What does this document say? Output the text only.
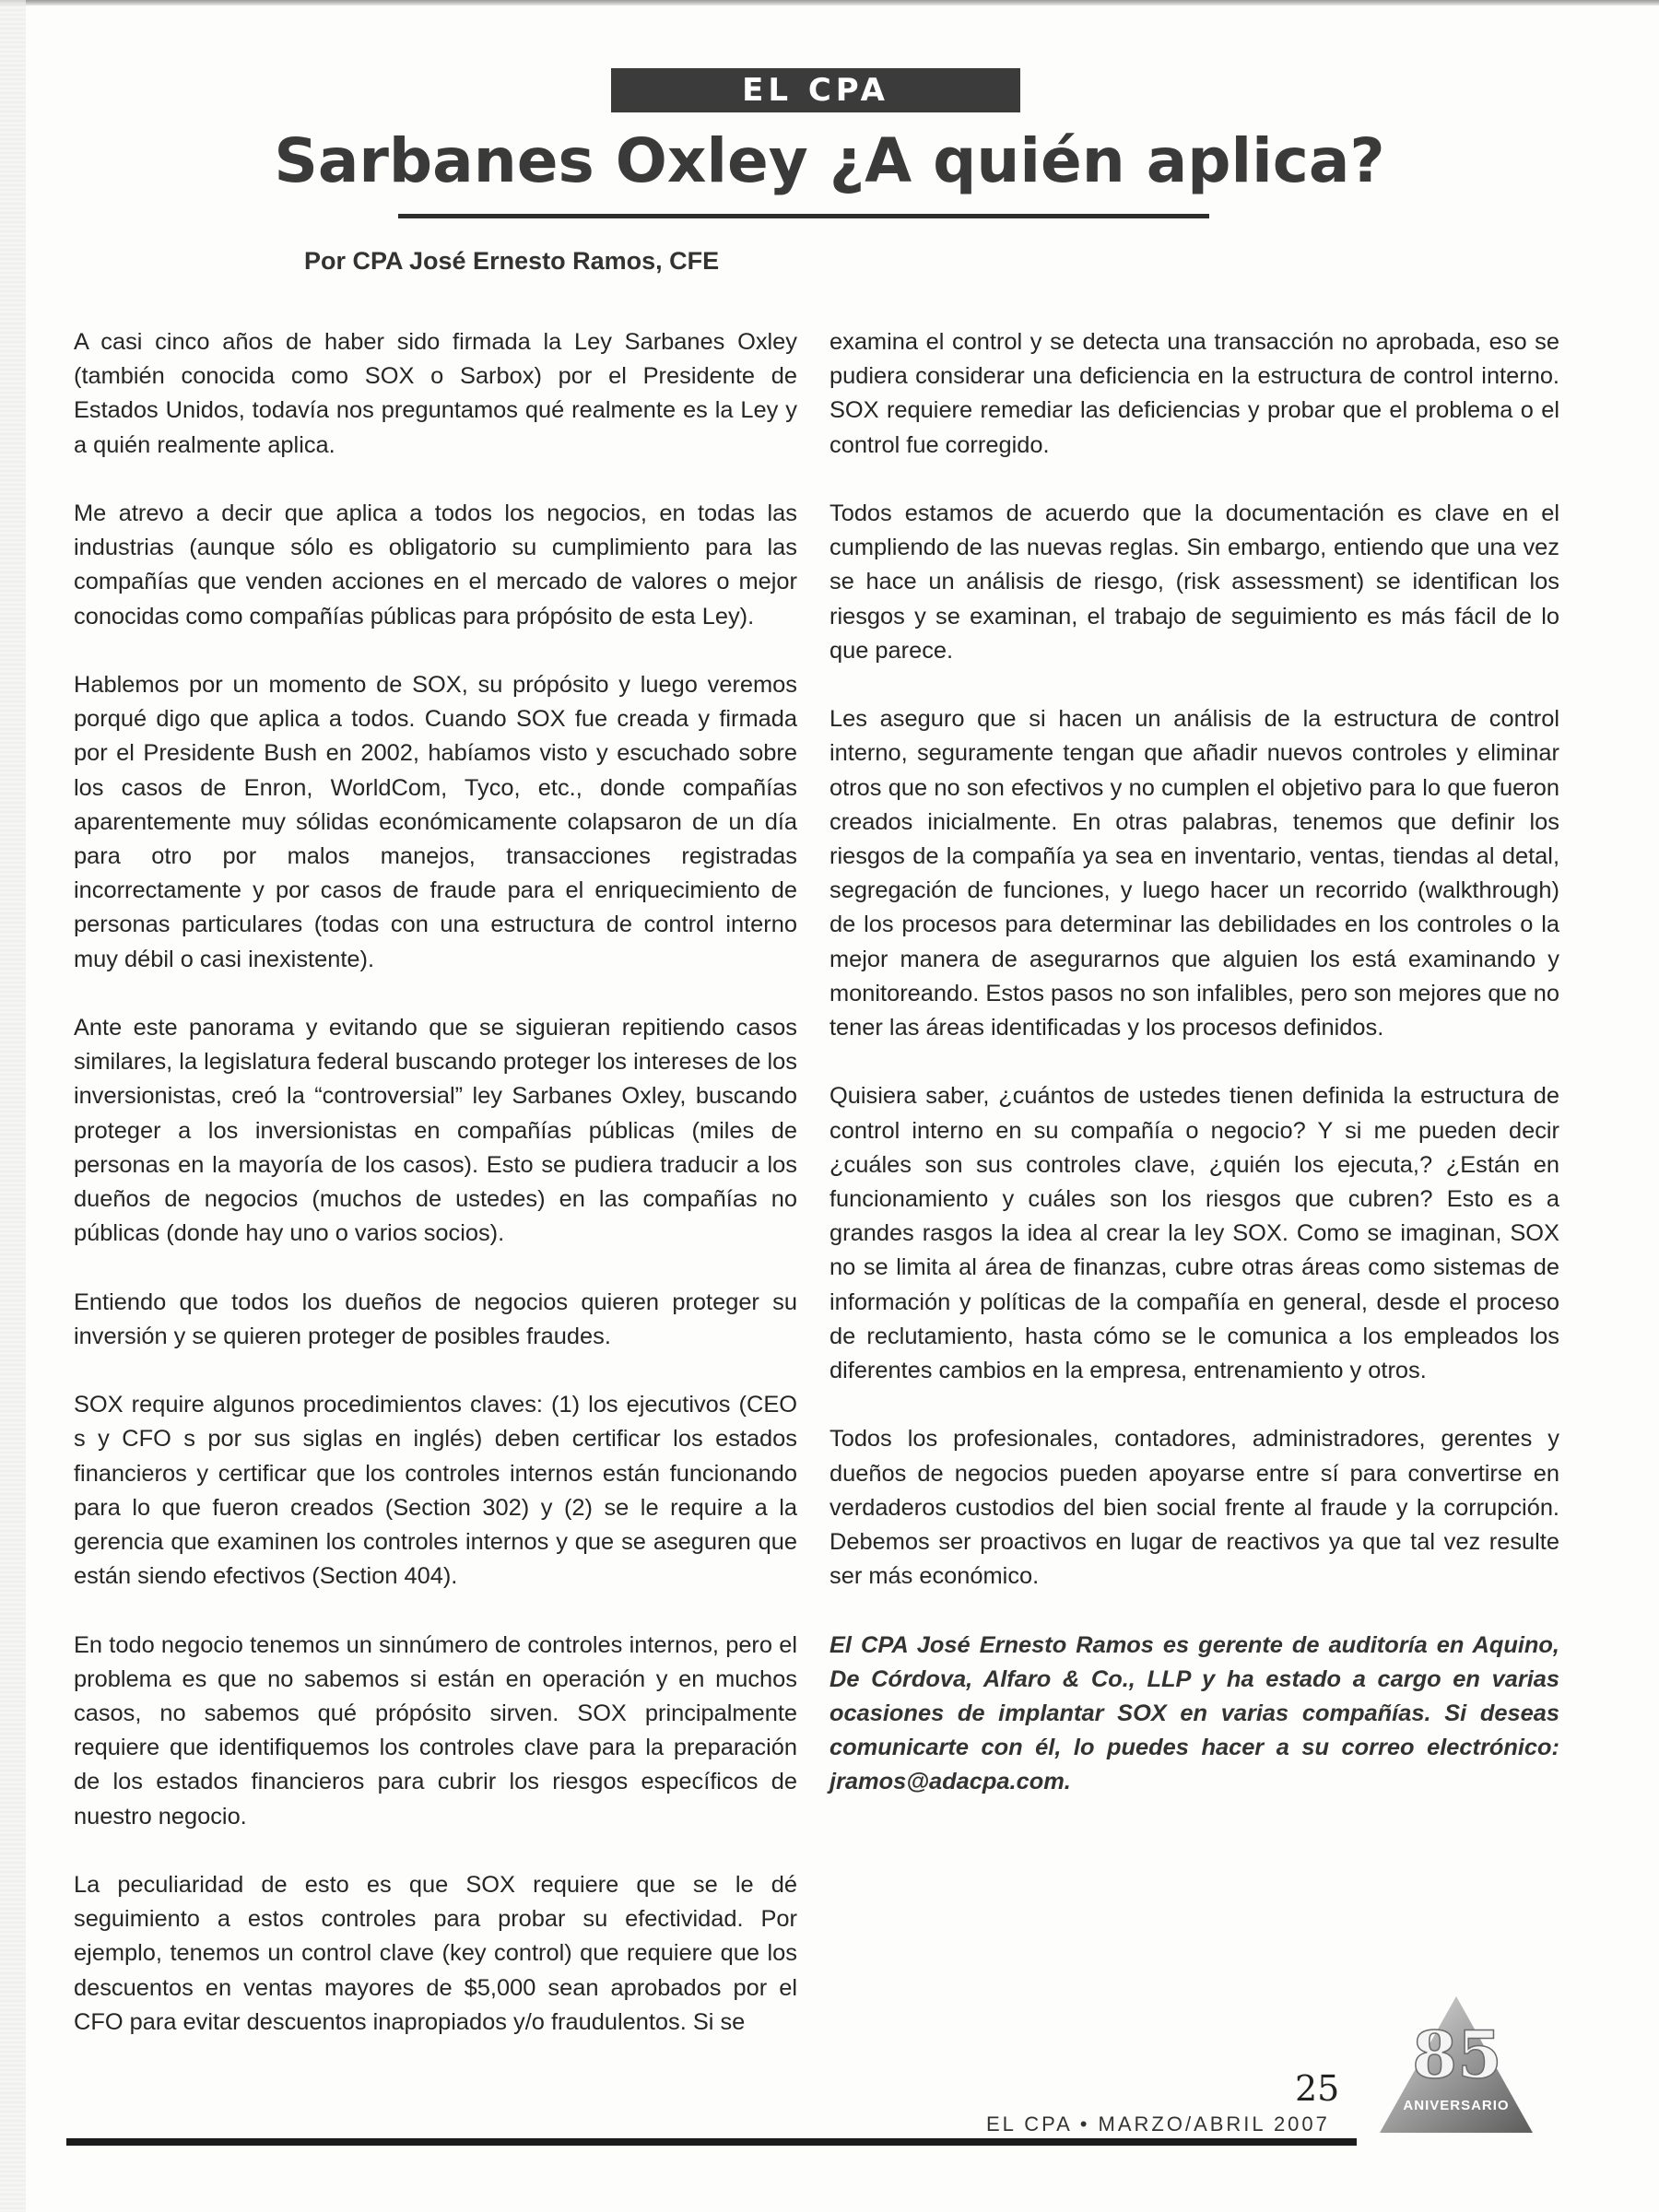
EL CPA
Sarbanes Oxley ¿A quién aplica?
Por CPA José Ernesto Ramos, CFE

A casi cinco años de haber sido firmada la Ley Sarbanes Oxley (también conocida como SOX o Sarbox) por el Presidente de Estados Unidos, todavía nos preguntamos qué realmente es la Ley y a quién realmente aplica.

Me atrevo a decir que aplica a todos los negocios, en todas las industrias (aunque sólo es obligatorio su cumplimiento para las compañías que venden acciones en el mercado de valores o mejor conocidas como compañías públicas para própósito de esta Ley).

Hablemos por un momento de SOX, su própósito y luego veremos porqué digo que aplica a todos. Cuando SOX fue creada y firmada por el Presidente Bush en 2002, habíamos visto y escuchado sobre los casos de Enron, WorldCom, Tyco, etc., donde compañías aparentemente muy sólidas económicamente colapsaron de un día para otro por malos manejos, transacciones registradas incorrectamente y por casos de fraude para el enriquecimiento de personas particulares (todas con una estructura de control interno muy débil o casi inexistente).

Ante este panorama y evitando que se siguieran repitiendo casos similares, la legislatura federal buscando proteger los intereses de los inversionistas, creó la “controversial” ley Sarbanes Oxley, buscando proteger a los inversionistas en compañías públicas (miles de personas en la mayoría de los casos). Esto se pudiera traducir a los dueños de negocios (muchos de ustedes) en las compañías no públicas (donde hay uno o varios socios).

Entiendo que todos los dueños de negocios quieren proteger su inversión y se quieren proteger de posibles fraudes.

SOX require algunos procedimientos claves: (1) los ejecutivos (CEO s y CFO s por sus siglas en inglés) deben certificar los estados financieros y certificar que los controles internos están funcionando para lo que fueron creados (Section 302) y (2) se le require a la gerencia que examinen los controles internos y que se aseguren que están siendo efectivos (Section 404).

En todo negocio tenemos un sinnúmero de controles internos, pero el problema es que no sabemos si están en operación y en muchos casos, no sabemos qué própósito sirven. SOX principalmente requiere que identifiquemos los controles clave para la preparación de los estados financieros para cubrir los riesgos específicos de nuestro negocio.

La peculiaridad de esto es que SOX requiere que se le dé seguimiento a estos controles para probar su efectividad. Por ejemplo, tenemos un control clave (key control) que requiere que los descuentos en ventas mayores de $5,000 sean aprobados por el CFO para evitar descuentos inapropiados y/o fraudulentos. Si se

examina el control y se detecta una transacción no aprobada, eso se pudiera considerar una deficiencia en la estructura de control interno. SOX requiere remediar las deficiencias y probar que el problema o el control fue corregido.

Todos estamos de acuerdo que la documentación es clave en el cumpliendo de las nuevas reglas. Sin embargo, entiendo que una vez se hace un análisis de riesgo, (risk assessment) se identifican los riesgos y se examinan, el trabajo de seguimiento es más fácil de lo que parece.

Les aseguro que si hacen un análisis de la estructura de control interno, seguramente tengan que añadir nuevos controles y eliminar otros que no son efectivos y no cumplen el objetivo para lo que fueron creados inicialmente. En otras palabras, tenemos que definir los riesgos de la compañía ya sea en inventario, ventas, tiendas al detal, segregación de funciones, y luego hacer un recorrido (walkthrough) de los procesos para determinar las debilidades en los controles o la mejor manera de asegurarnos que alguien los está examinando y monitoreando. Estos pasos no son infalibles, pero son mejores que no tener las áreas identificadas y los procesos definidos.

Quisiera saber, ¿cuántos de ustedes tienen definida la estructura de control interno en su compañía o negocio? Y si me pueden decir ¿cuáles son sus controles clave, ¿quién los ejecuta,? ¿Están en funcionamiento y cuáles son los riesgos que cubren? Esto es a grandes rasgos la idea al crear la ley SOX. Como se imaginan, SOX no se limita al área de finanzas, cubre otras áreas como sistemas de información y políticas de la compañía en general, desde el proceso de reclutamiento, hasta cómo se le comunica a los empleados los diferentes cambios en la empresa, entrenamiento y otros.

Todos los profesionales, contadores, administradores, gerentes y dueños de negocios pueden apoyarse entre sí para convertirse en verdaderos custodios del bien social frente al fraude y la corrupción. Debemos ser proactivos en lugar de reactivos ya que tal vez resulte ser más económico.

El CPA José Ernesto Ramos es gerente de auditoría en Aquino, De Córdova, Alfaro & Co., LLP y ha estado a cargo en varias ocasiones de implantar SOX en varias compañías. Si deseas comunicarte con él, lo puedes hacer a su correo electrónico: jramos@adacpa.com.

85
ANIVERSARIO
25
EL CPA • MARZO/ABRIL 2007
